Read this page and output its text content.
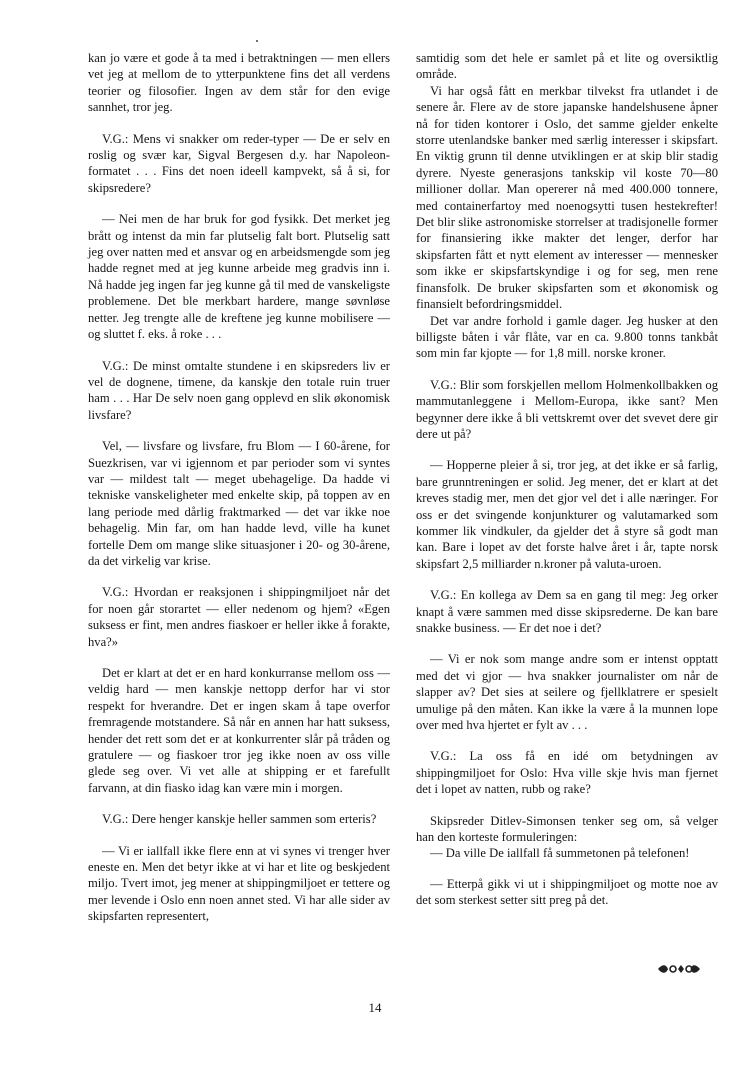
kan jo være et gode å ta med i betraktningen — men ellers vet jeg at mellom de to ytterpunktene fins det all verdens teorier og filosofier. Ingen av dem står for den evige sannhet, tror jeg.

V.G.: Mens vi snakker om reder-typer — De er selv en roslig og svær kar, Sigval Bergesen d.y. har Napoleon-formatet . . . Fins det noen ideell kampvekt, så å si, for skipsredere?

— Nei men de har bruk for god fysikk. Det merket jeg brått og intenst da min far plutselig falt bort. Plutselig satt jeg over natten med et ansvar og en arbeidsmengde som jeg hadde regnet med at jeg kunne arbeide meg gradvis inn i. Nå hadde jeg ingen far jeg kunne gå til med de vanskeligste problemene. Det ble merkbart hardere, mange søvnløse netter. Jeg trengte alle de kreftene jeg kunne mobilisere — og sluttet f. eks. å roke . . .

V.G.: De minst omtalte stundene i en skipsreders liv er vel de dognene, timene, da kanskje den totale ruin truer ham . . . Har De selv noen gang opplevd en slik økonomisk livsfare?

Vel, — livsfare og livsfare, fru Blom — I 60-årene, for Suezkrisen, var vi igjennom et par perioder som vi syntes var — mildest talt — meget ubehagelige. Da hadde vi tekniske vanskeligheter med enkelte skip, på toppen av en lang periode med dårlig fraktmarked — det var ikke noe behagelig. Min far, om han hadde levd, ville ha kunet fortelle Dem om mange slike situasjoner i 20- og 30-årene, da det virkelig var krise.

V.G.: Hvordan er reaksjonen i shippingmiljoet når det for noen går storartet — eller nedenom og hjem? «Egen suksess er fint, men andres fiaskoer er heller ikke å forakte, hva?»

Det er klart at det er en hard konkurranse mellom oss — veldig hard — men kanskje nettopp derfor har vi stor respekt for hverandre. Det er ingen skam å tape overfor fremragende motstandere. Så når en annen har hatt suksess, hender det rett som det er at konkurrenter slår på tråden og gratulere — og fiaskoer tror jeg ikke noen av oss ville glede seg over. Vi vet alle at shipping er et farefullt farvann, at din fiasko idag kan være min i morgen.

V.G.: Dere henger kanskje heller sammen som erteris?

— Vi er iallfall ikke flere enn at vi synes vi trenger hver eneste en. Men det betyr ikke at vi har et lite og beskjedent miljo. Tvert imot, jeg mener at shippingmiljoet er tettere og mer levende i Oslo enn noen annet sted. Vi har alle sider av skipsfarten representert,

samtidig som det hele er samlet på et lite og oversiktlig område.

Vi har også fått en merkbar tilvekst fra utlandet i de senere år. Flere av de store japanske handelshusene åpner nå for tiden kontorer i Oslo, det samme gjelder enkelte storre utenlandske banker med særlig interesser i skipsfart. En viktig grunn til denne utviklingen er at skip blir stadig dyrere. Nyeste generasjons tankskip vil koste 70—80 millioner dollar. Man opererer nå med 400.000 tonnere, med containerfartoy med noenogsytti tusen hestekrefter! Det blir slike astronomiske storrelser at tradisjonelle former for finansiering ikke makter det lenger, derfor har skipsfarten fått et nytt element av interesser — mennesker som ikke er skipsfartskyndige i og for seg, men rene finansfolk. De bruker skipsfarten som et økonomisk og finansielt befordringsmiddel.

Det var andre forhold i gamle dager. Jeg husker at den billigste båten i vår flåte, var en ca. 9.800 tonns tankbåt som min far kjopte — for 1,8 mill. norske kroner.

V.G.: Blir som forskjellen mellom Holmenkollbakken og mammutanleggene i Mellom-Europa, ikke sant? Men begynner dere ikke å bli vettskremt over det svevet dere gir dere ut på?

— Hopperne pleier å si, tror jeg, at det ikke er så farlig, bare grunntreningen er solid. Jeg mener, det er klart at det kreves stadig mer, men det gjor vel det i alle næringer. For oss er det svingende konjunkturer og valutamarked som kommer lik vindkuler, da gjelder det å styre så godt man kan. Bare i lopet av det forste halve året i år, tapte norsk skipsfart 2,5 milliarder n.kroner på valuta-uroen.

V.G.: En kollega av Dem sa en gang til meg: Jeg orker knapt å være sammen med disse skipsrederne. De kan bare snakke business. — Er det noe i det?

— Vi er nok som mange andre som er intenst opptatt med det vi gjor — hva snakker journalister om når de slapper av? Det sies at seilere og fjellklatrere er spesielt umulige på den måten. Kan ikke la være å la munnen lope over med hva hjertet er fylt av . . .

V.G.: La oss få en idé om betydningen av shippingmiljoet for Oslo: Hva ville skje hvis man fjernet det i lopet av natten, rubb og rake?

Skipsreder Ditlev-Simonsen tenker seg om, så velger han den korteste formuleringen:

— Da ville De iallfall få summetonen på telefonen!

— Etterpå gikk vi ut i shippingmiljoet og motte noe av det som sterkest setter sitt preg på det.

14
